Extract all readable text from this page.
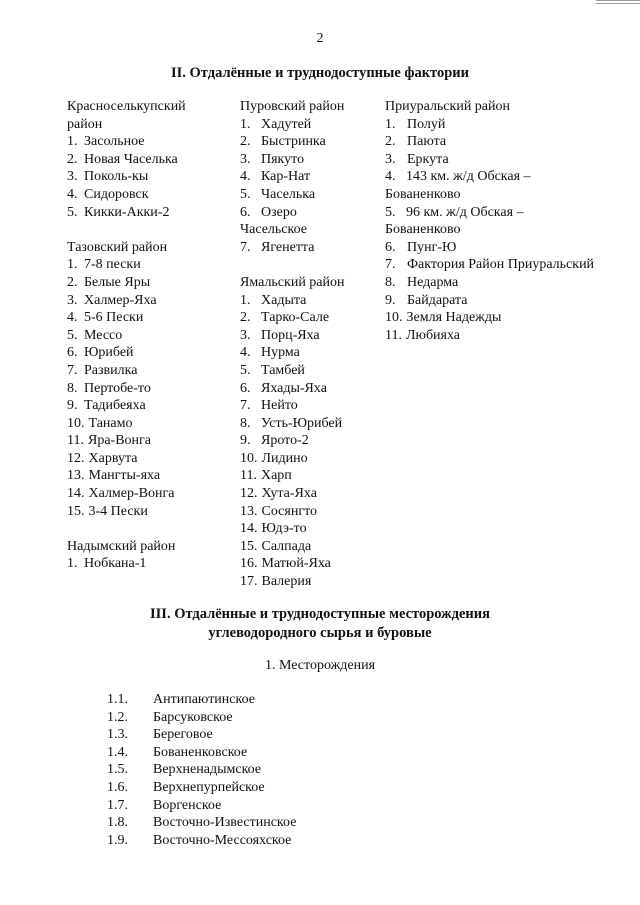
2
II. Отдалённые и труднодоступные фактории
Красноселькупский
район
1. Засольное
2. Новая Часелька
3. Поколь-кы
4. Сидоровск
5. Кикки-Акки-2
Тазовский район
1. 7-8 пески
2. Белые Яры
3. Халмер-Яха
4. 5-6 Пески
5. Мессо
6. Юрибей
7. Развилка
8. Пертобе-то
9. Тадибеяха
10. Танамо
11. Яра-Вонга
12. Харвута
13. Мангты-яха
14. Халмер-Вонга
15. 3-4 Пески
Надымский район
1. Нобкана-1
Пуровский район
1. Хадутей
2. Быстринка
3. Пякуто
4. Кар-Нат
5. Часелька
6. Озеро
Часельское
7. Ягенетта
Ямальский район
1. Хадыта
2. Тарко-Сале
3. Порц-Яха
4. Нурма
5. Тамбей
6. Яхады-Яха
7. Нейто
8. Усть-Юрибей
9. Ярото-2
10. Лидино
11. Харп
12. Хута-Яха
13. Сосянгто
14. Юдэ-то
15. Салпада
16. Матюй-Яха
17. Валерия
Приуральский район
1. Полуй
2. Паюта
3. Еркута
4.   143 км. ж/д Обская –
Бованенково
5.   96 км. ж/д Обская –
Бованенково
6. Пунг-Ю
7. Фактория Район Приуральский
8. Недарма
9. Байдарата
10. Земля Надежды
11. Любияха
III. Отдалённые и труднодоступные месторождения
углеводородного сырья и буровые
1. Месторождения
1.1. Антипаютинское
1.2. Барсуковское
1.3. Береговое
1.4. Бованенковское
1.5. Верхненадымское
1.6. Верхнепурпейское
1.7. Воргенское
1.8. Восточно-Известинское
1.9. Восточно-Мессояхское
